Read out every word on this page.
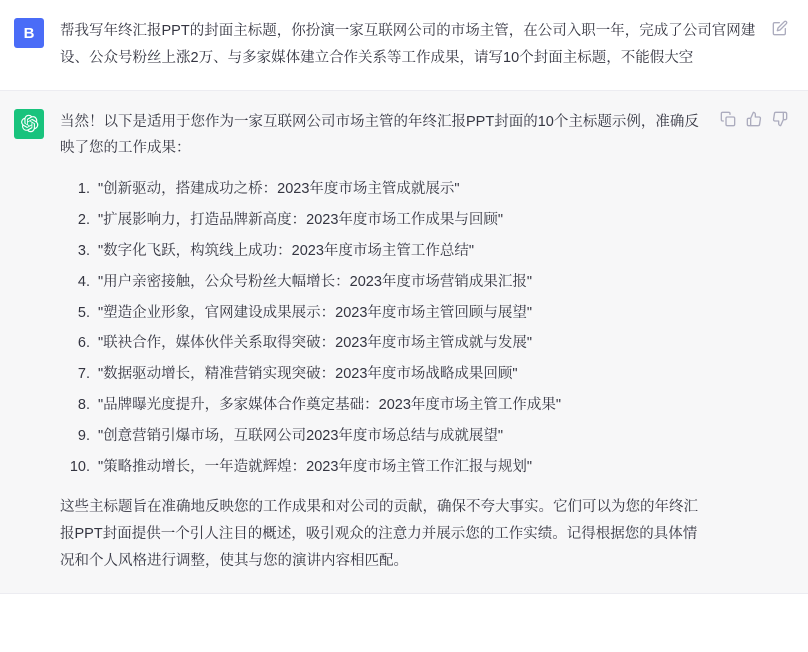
B 帮我写年终汇报PPT的封面主标题，你扮演一家互联网公司的市场主管，在公司入职一年，完成了公司官网建设、公众号粉丝上涨2万、与多家媒体建立合作关系等工作成果，请写10个封面主标题，不能假大空

当然！以下是适用于您作为一家互联网公司市场主管的年终汇报PPT封面的10个主标题示例，准确反映了您的工作成果：

1. "创新驱动，搭建成功之桥：2023年度市场主管成就展示"
2. "扩展影响力，打造品牌新高度：2023年度市场工作成果与回顾"
3. "数字化飞跃，构筑线上成功：2023年度市场主管工作总结"
4. "用户亲密接触，公众号粉丝大幅增长：2023年度市场营销成果汇报"
5. "塑造企业形象，官网建设成果展示：2023年度市场主管回顾与展望"
6. "联袂合作，媒体伙伴关系取得突破：2023年度市场主管成就与发展"
7. "数据驱动增长，精准营销实现突破：2023年度市场战略成果回顾"
8. "品牌曝光度提升，多家媒体合作奠定基础：2023年度市场主管工作成果"
9. "创意营销引爆市场，互联网公司2023年度市场总结与成就展望"
10. "策略推动增长，一年造就辉煌：2023年度市场主管工作汇报与规划"

这些主标题旨在准确地反映您的工作成果和对公司的贡献，确保不夸大事实。它们可以为您的年终汇报PPT封面提供一个引人注目的概述，吸引观众的注意力并展示您的工作实绩。记得根据您的具体情况和个人风格进行调整，使其与您的演讲内容相匹配。
